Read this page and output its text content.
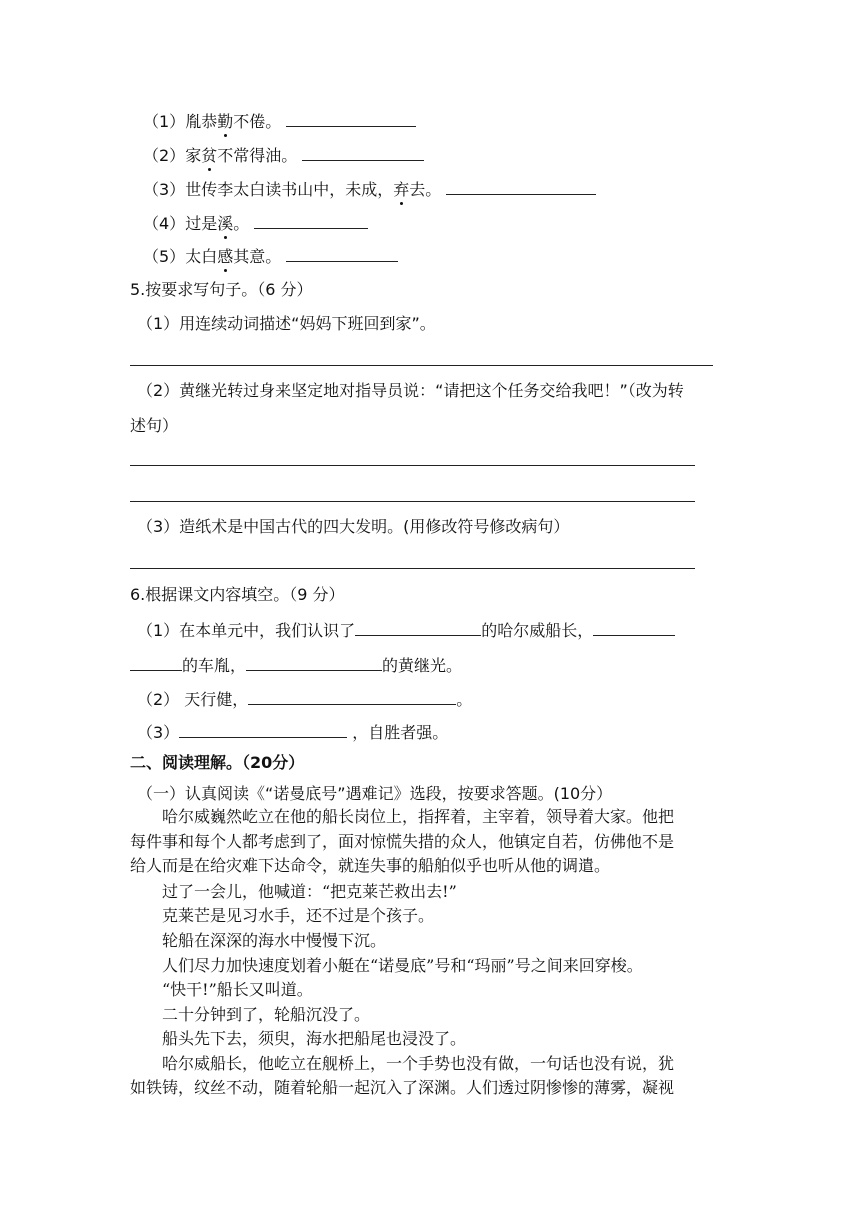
（1）胤恭勤不倦。
（2）家贫不常得油。
（3）世传李太白读书山中，未成，弃去。
（4）过是溪。
（5）太白感其意。
5.按要求写句子。（6 分）
（1）用连续动词描述“妈妈下班回到家”。
（2）黄继光转过身来坚定地对指导员说：“请把这个任务交给我吧！”（改为转
述句）
（3）造纸术是中国古代的四大发明。(用修改符号修改病句）
6.根据课文内容填空。（9 分）
（1）在本单元中，我们认识了	的哈尔威船长，
的车胤，	的黄继光。
（2） 天行健，	。
（3）	，自胜者强。
二、阅读理解。（20分）
（一）认真阅读《“诺曼底号”遇难记》选段，按要求答题。(10分）
哈尔威巍然屹立在他的船长岗位上，指挥着，主宰着，领导着大家。他把
每件事和每个人都考虑到了，面对惊慌失措的众人，他镇定自若，仿佛他不是
给人而是在给灾难下达命令，就连失事的船舶似乎也听从他的调遣。
过了一会儿，他喊道：“把克莱芒救出去!”
克莱芒是见习水手，还不过是个孩子。
轮船在深深的海水中慢慢下沉。
人们尽力加快速度划着小艇在“诺曼底”号和“玛丽”号之间来回穿梭。
“快干!”船长又叫道。
二十分钟到了，轮船沉没了。
船头先下去，须臾，海水把船尾也浸没了。
哈尔威船长，他屹立在舰桥上，一个手势也没有做，一句话也没有说，犹
如铁铸，纹丝不动，随着轮船一起沉入了深渊。人们透过阴惨惨的薄雾，凝视
